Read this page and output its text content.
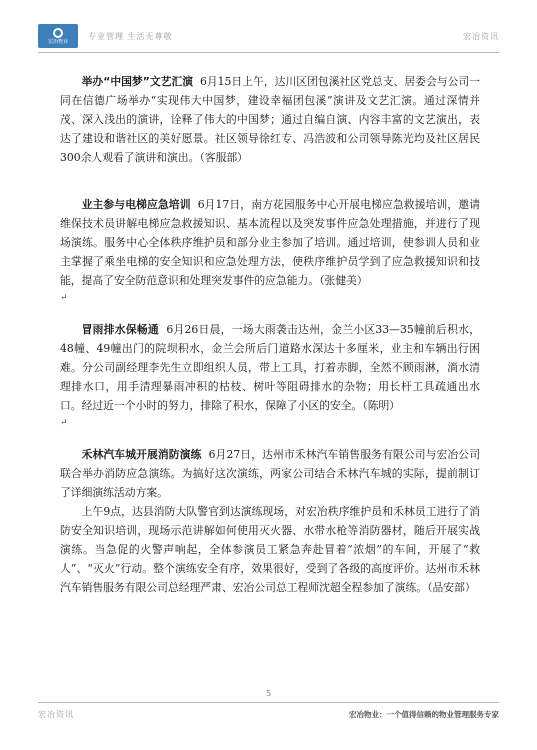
宏冶物业
专业管理 生活无尊敬	宏冶资讯

举办“中国梦”文艺汇演 6月15日上午，达川区团包溪社区党总支、居委会与公司一同在信德广场举办“实现伟大中国梦，建设幸福团包溪”演讲及文艺汇演。通过深情并茂、深入浅出的演讲，诠释了伟大的中国梦；通过自编自演、内容丰富的文艺演出，表达了建设和谐社区的美好愿景。社区领导徐红专、冯浩波和公司领导陈光均及社区居民300余人观看了演讲和演出。（客服部）

业主参与电梯应急培训 6月17日，南方花园服务中心开展电梯应急救援培训，邀请维保技术员讲解电梯应急救援知识、基本流程以及突发事件应急处理措施，并进行了现场演练。服务中心全体秩序维护员和部分业主参加了培训。通过培训，使参训人员和业主掌握了乘坐电梯的安全知识和应急处理方法，使秩序维护员学到了应急救援知识和技能，提高了安全防范意识和处理突发事件的应急能力。（张健美）

↵

冒雨排水保畅通 6月26日晨，一场大雨袭击达州，金兰小区33—35幢前后积水，48幢、49幢出门的院坝积水，金兰会所后门道路水深达十多厘米，业主和车辆出行困难。分公司副经理李先生立即组织人员，带上工具，打着赤脚，全然不顾雨淋，淌水清理排水口，用手清理暴雨冲积的枯枝、树叶等阻碍排水的杂物；用长杆工具疏通出水口。经过近一个小时的努力，排除了积水，保障了小区的安全。（陈明）

↵

禾林汽车城开展消防演练 6月27日，达州市禾林汽车销售服务有限公司与宏冶公司联合举办消防应急演练。为搞好这次演练，两家公司结合禾林汽车城的实际，提前制订了详细演练活动方案。

上午9点，达县消防大队警官到达演练现场，对宏冶秩序维护员和禾林员工进行了消防安全知识培训，现场示范讲解如何使用灭火器、水带水枪等消防器材，随后开展实战演练。当急促的火警声响起，全体参演员工紧急奔赴冒着“浓烟”的车间，开展了“救人”、“灭火”行动。整个演练安全有序，效果很好，受到了各级的高度评价。达州市禾林汽车销售服务有限公司总经理严肃、宏冶公司总工程师沈超全程参加了演练。（品安部）

5
宏冶资讯	宏冶物业：一个值得信赖的物业管理服务专家
